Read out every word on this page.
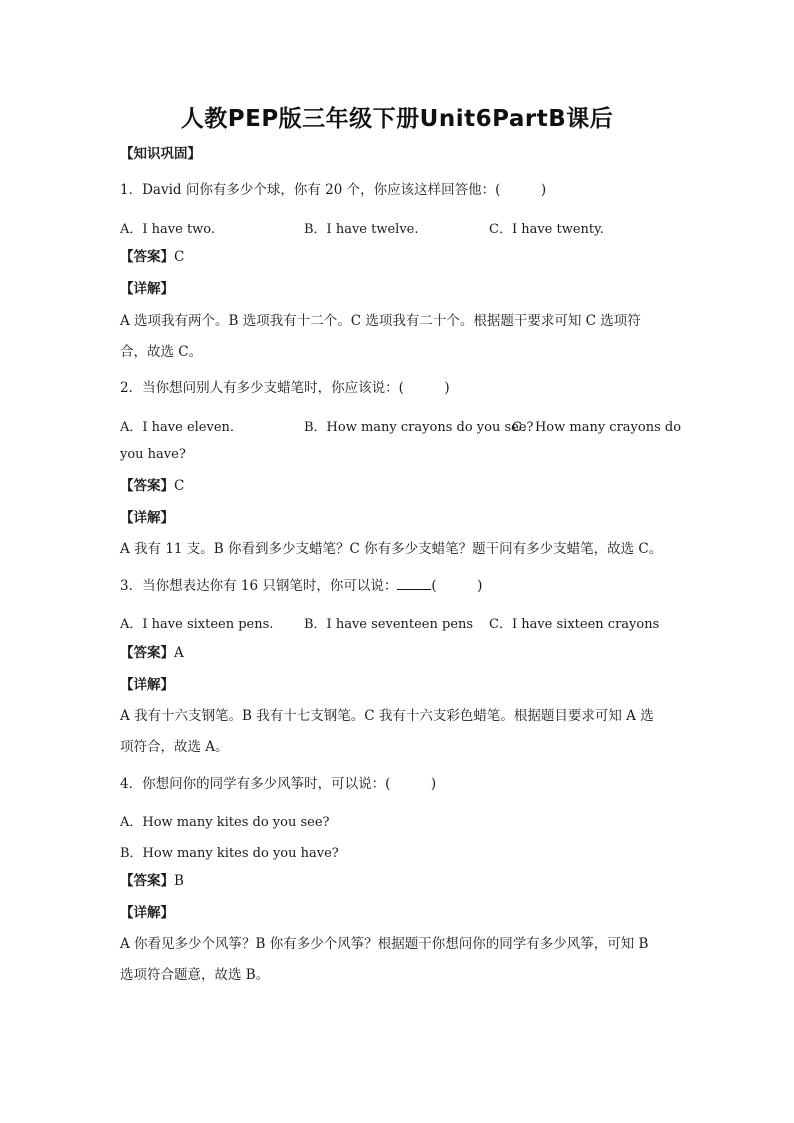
人教PEP版三年级下册Unit6PartB课后
【知识巩固】
1．David 问你有多少个球，你有 20 个，你应该这样回答他：(　　　)
A．I have two.	B．I have twelve.	C．I have twenty.
【答案】C
【详解】
A 选项我有两个。B 选项我有十二个。C 选项我有二十个。根据题干要求可知 C 选项符
合，故选 C。
2．当你想问别人有多少支蜡笔时，你应该说：(　　　)
A．I have eleven.	B．How many crayons do you see?
C．How many crayons do
you have?
【答案】C
【详解】
A 我有 11 支。B 你看到多少支蜡笔？C 你有多少支蜡笔？题干问有多少支蜡笔，故选 C。
3．当你想表达你有 16 只钢笔时，你可以说：	(　　　)
A．I have sixteen pens. B．I have seventeen pens C．I have sixteen crayons
【答案】A
【详解】
A 我有十六支钢笔。B 我有十七支钢笔。C 我有十六支彩色蜡笔。根据题目要求可知 A 选
项符合，故选 A。
4．你想问你的同学有多少风筝时，可以说：(　　　)
A．How many kites do you see?
B．How many kites do you have?
【答案】B
【详解】
A 你看见多少个风筝？B 你有多少个风筝？根据题干你想问你的同学有多少风筝，可知 B
选项符合题意，故选 B。
